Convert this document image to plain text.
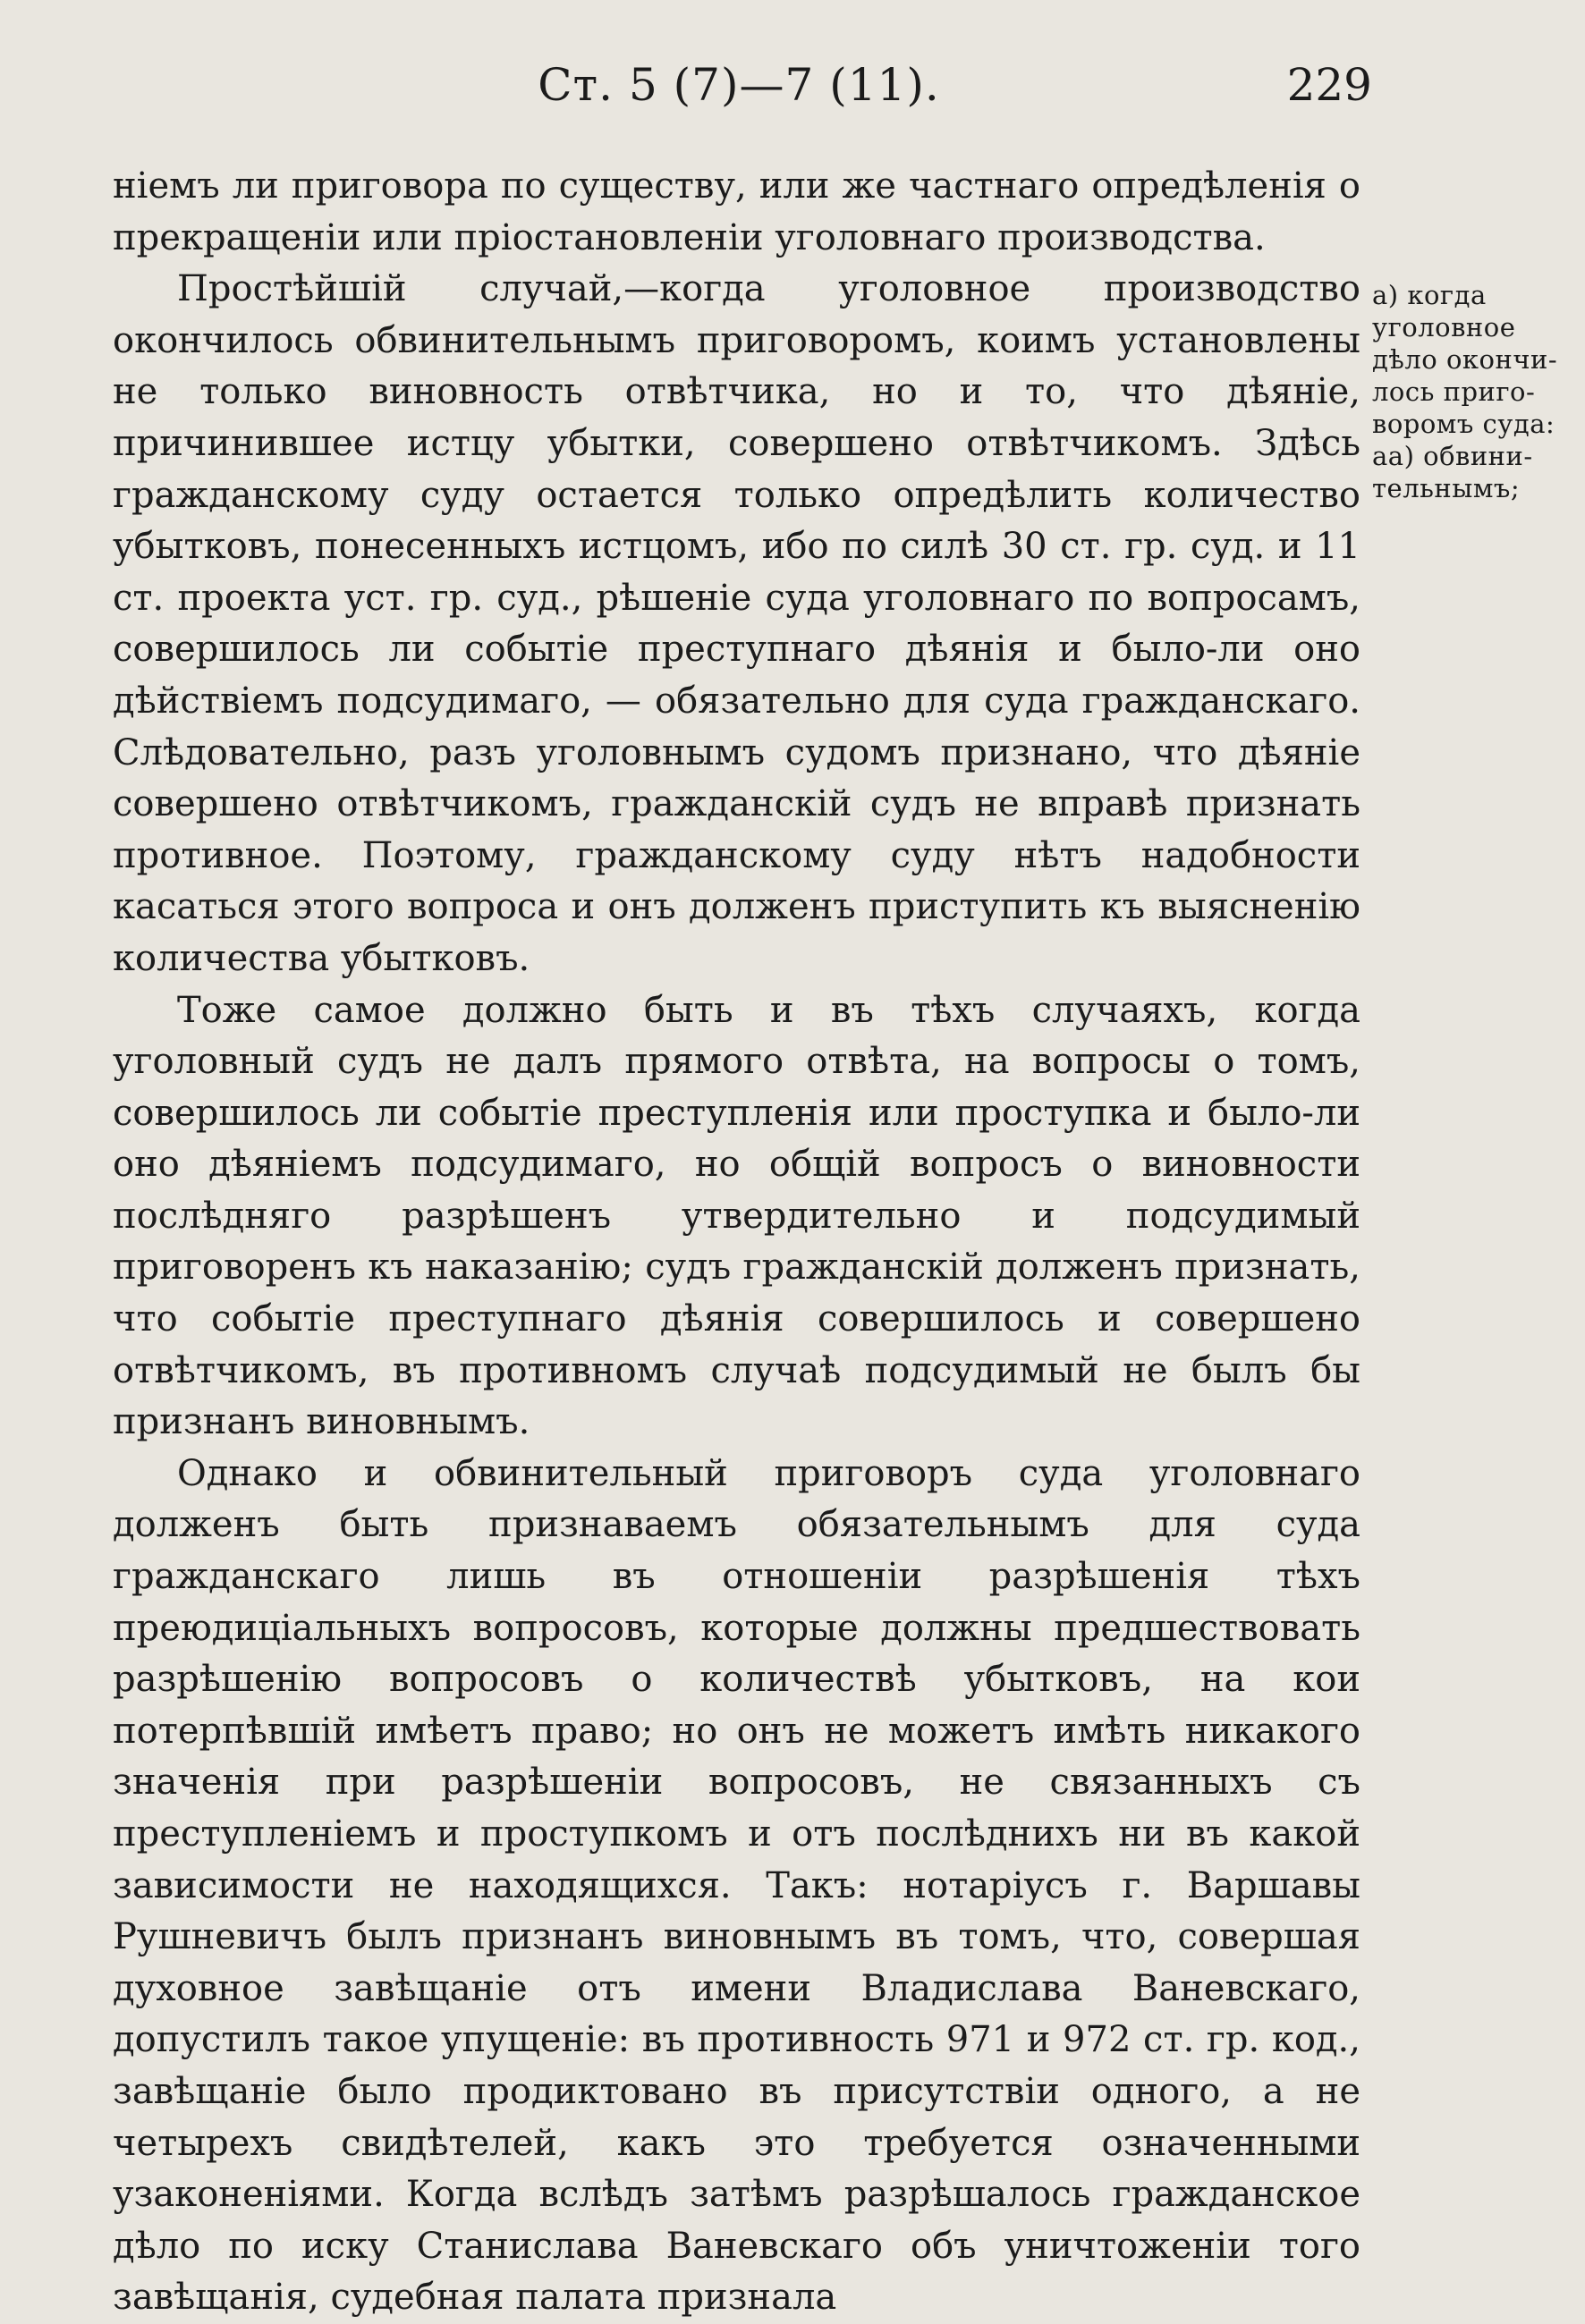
Ст. 5 (7)—7 (11).	229

ніемъ ли приговора по существу, или же частнаго опредѣленія о прекращеніи или пріостановленіи уголовнаго производства.

Простѣйшій случай,—когда уголовное производство окончилось обвинительнымъ приговоромъ, коимъ установлены не только виновность отвѣтчика, но и то, что дѣяніе, причинившее истцу убытки, совершено отвѣтчикомъ. Здѣсь гражданскому суду остается только опредѣлить количество убытковъ, понесенныхъ истцомъ, ибо по силѣ 30 ст. гр. суд. и 11 ст. проекта уст. гр. суд., рѣшеніе суда уголовнаго по вопросамъ, совершилось ли событіе преступнаго дѣянія и было-ли оно дѣйствіемъ подсудимаго, — обязательно для суда гражданскаго. Слѣдовательно, разъ уголовнымъ судомъ признано, что дѣяніе совершено отвѣтчикомъ, гражданскій судъ не вправѣ признать противное. Поэтому, гражданскому суду нѣтъ надобности касаться этого вопроса и онъ долженъ приступить къ выясненію количества убытковъ.

Тоже самое должно быть и въ тѣхъ случаяхъ, когда уголовный судъ не далъ прямого отвѣта, на вопросы о томъ, совершилось ли событіе преступленія или проступка и было-ли оно дѣяніемъ подсудимаго, но общій вопросъ о виновности послѣдняго разрѣшенъ утвердительно и подсудимый приговоренъ къ наказанію; судъ гражданскій долженъ признать, что событіе преступнаго дѣянія совершилось и совершено отвѣтчикомъ, въ противномъ случаѣ подсудимый не былъ бы признанъ виновнымъ.

Однако и обвинительный приговоръ суда уголовнаго долженъ быть признаваемъ обязательнымъ для суда гражданскаго лишь въ отношеніи разрѣшенія тѣхъ преюдиціальныхъ вопросовъ, которые должны предшествовать разрѣшенію вопросовъ о количествѣ убытковъ, на кои потерпѣвшій имѣетъ право; но онъ не можетъ имѣть никакого значенія при разрѣшеніи вопросовъ, не связанныхъ съ преступленіемъ и проступкомъ и отъ послѣднихъ ни въ какой зависимости не находящихся. Такъ: нотаріусъ г. Варшавы Рушневичъ былъ признанъ виновнымъ въ томъ, что, совершая духовное завѣщаніе отъ имени Владислава Ваневскаго, допустилъ такое упущеніе: въ противность 971 и 972 ст. гр. код., завѣщаніе было продиктовано въ присутствіи одного, а не четырехъ свидѣтелей, какъ это требуется означенными узаконеніями. Когда вслѣдъ затѣмъ разрѣшалось гражданское дѣло по иску Станислава Ваневскаго объ уничтоженіи того завѣщанія, судебная палата признала

а) когда
уголовное
дѣло окончи-
лось приго-
воромъ суда:
аа) обвини-
тельнымъ;
